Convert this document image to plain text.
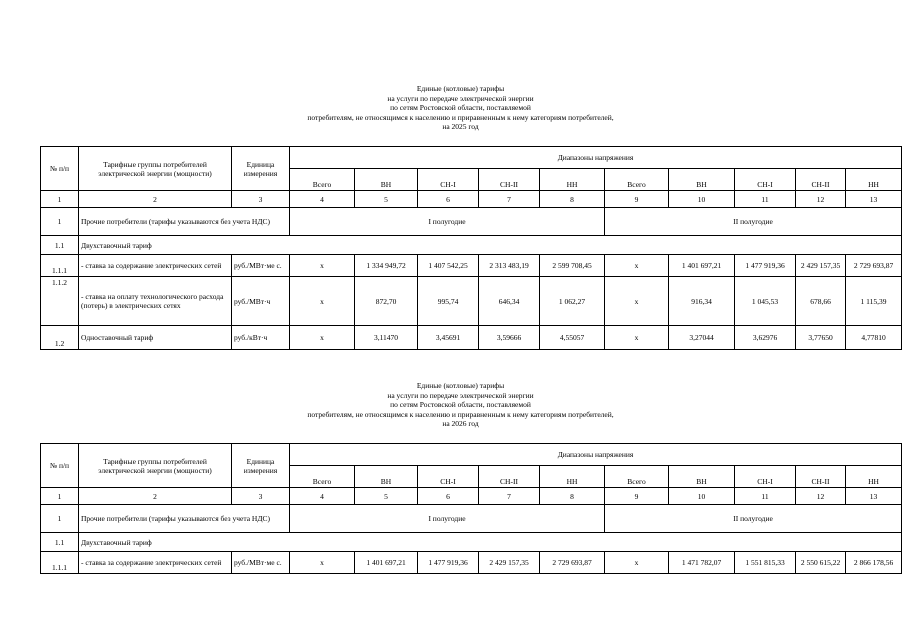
Единые (котловые) тарифы
на услуги по передаче электрической энергии
по сетям Ростовской области, поставляемой
потребителям, не относящимся к населению и приравненным к нему категориям потребителей,
на 2025 год
№ п/п	Тарифные группы потребителей электрической энергии (мощности)	Единица измерения	Диапазоны напряжения									
			Всего	ВН	СН-I	СН-II	НН	Всего	ВН	СН-I	СН-II	НН
1	2	3	4	5	6	7	8	9	10	11	12	13
1	Прочие потребители (тарифы указываются без учета НДС)		I полугодие					II полугодие				
1.1	Двухставочный тариф											
1.1.1	- ставка за содержание электрических сетей	руб./МВт·ме с.	х	1 334 949,72	1 407 542,25	2 313 483,19	2 599 708,45	х	1 401 697,21	1 477 919,36	2 429 157,35	2 729 693,87
1.1.2	- ставка на оплату технологического расхода (потерь) в электрических сетях	руб./МВт·ч	х	872,70	995,74	646,34	1 062,27	х	916,34	1 045,53	678,66	1 115,39
1.2	Одноставочный тариф	руб./кВт·ч	х	3,11470	3,45691	3,59666	4,55057	х	3,27044	3,62976	3,77650	4,77810
Единые (котловые) тарифы
на услуги по передаче электрической энергии
по сетям Ростовской области, поставляемой
потребителям, не относящимся к населению и приравненным к нему категориям потребителей,
на 2026 год
№ п/п	Тарифные группы потребителей электрической энергии (мощности)	Единица измерения	Диапазоны напряжения									
			Всего	ВН	СН-I	СН-II	НН	Всего	ВН	СН-I	СН-II	НН
1	2	3	4	5	6	7	8	9	10	11	12	13
1	Прочие потребители (тарифы указываются без учета НДС)		I полугодие					II полугодие				
1.1	Двухставочный тариф											
1.1.1	- ставка за содержание электрических сетей	руб./МВт·ме с.	х	1 401 697,21	1 477 919,36	2 429 157,35	2 729 693,87	х	1 471 782,07	1 551 815,33	2 550 615,22	2 866 178,56
